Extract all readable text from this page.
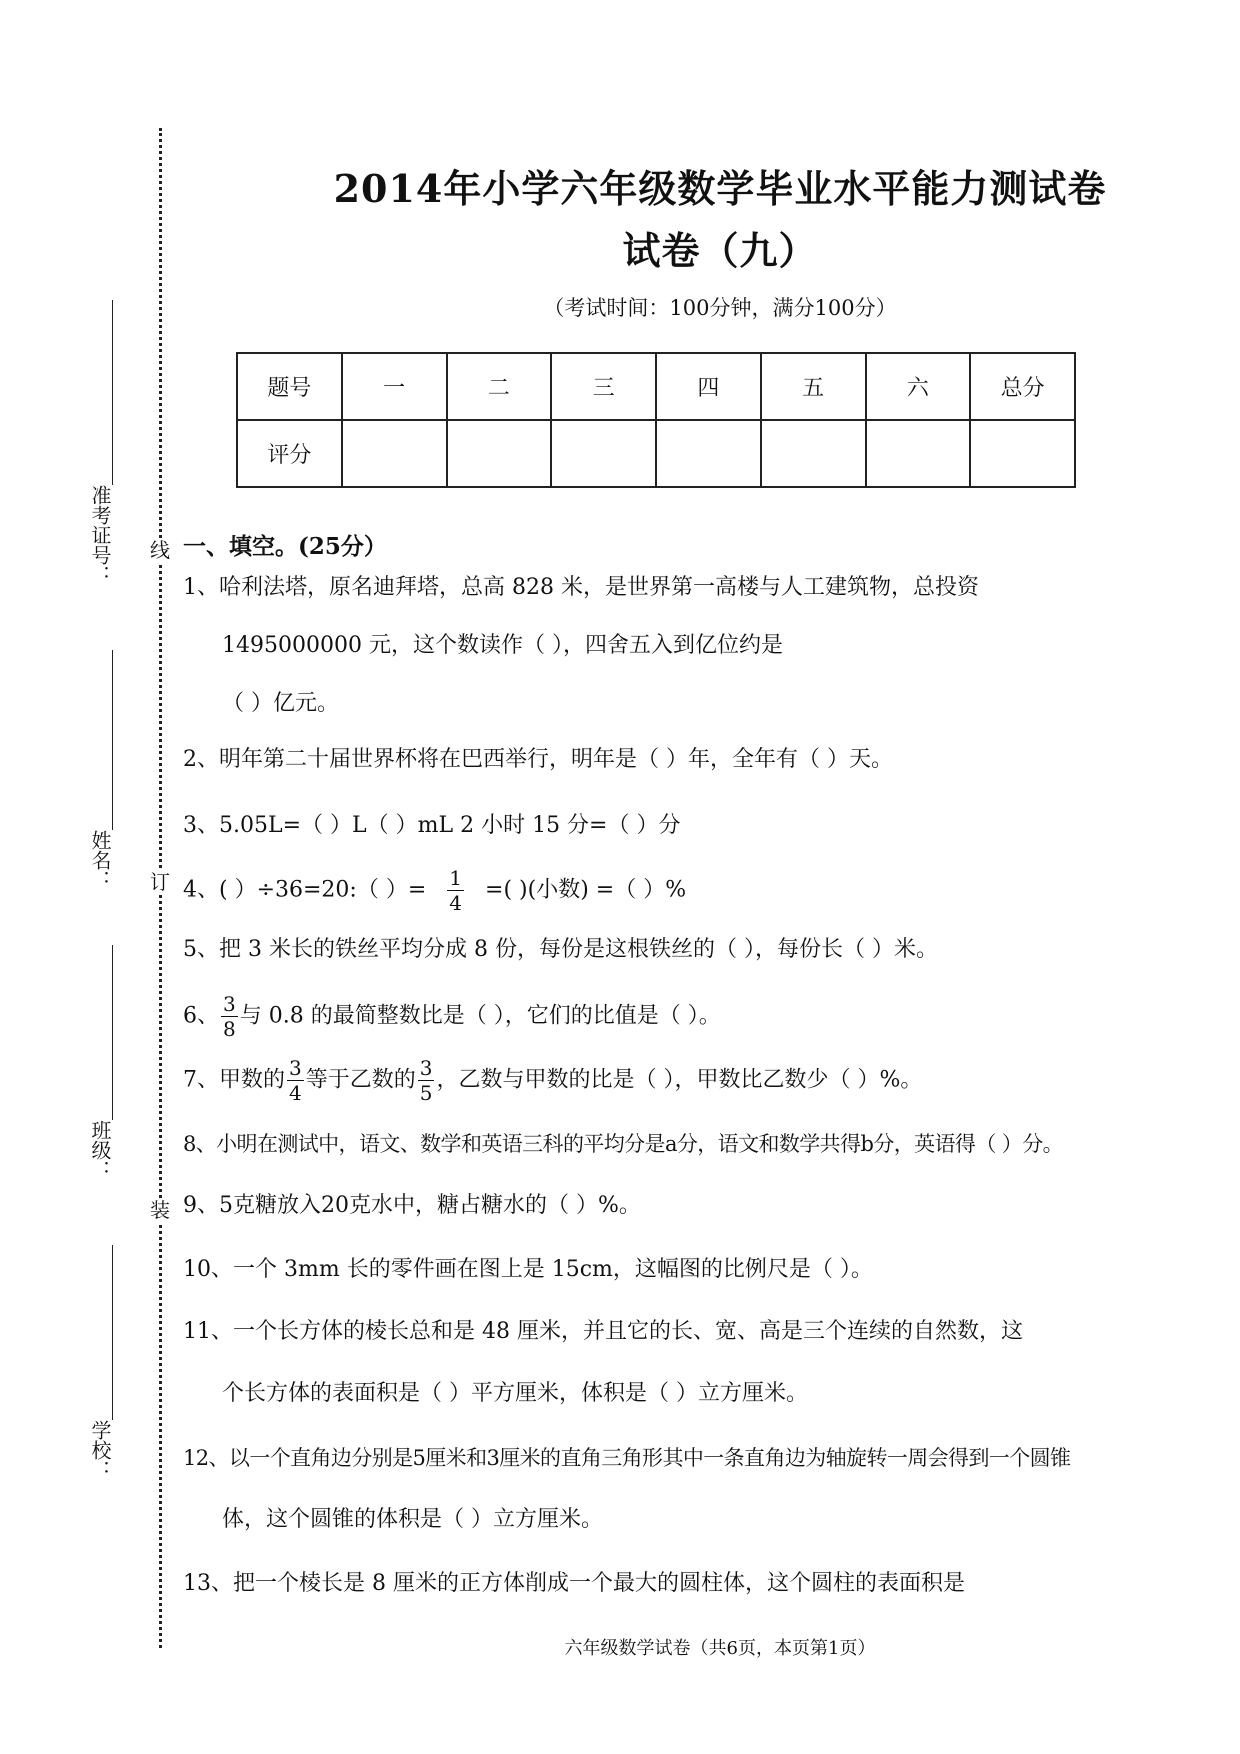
线
订
装
准考证号：
姓名：
班级：
学校：
2014年小学六年级数学毕业水平能力测试卷
试卷（九）
（考试时间：100分钟，满分100分）
题号	一	二	三	四	五	六	总分
评分							
一、填空。(25分）
1、哈利法塔，原名迪拜塔，总高 828 米，是世界第一高楼与人工建筑物，总投资
1495000000 元，这个数读作（ ），四舍五入到亿位约是
（ ）亿元。
2、明年第二十届世界杯将在巴西举行，明年是（ ）年，全年有（ ）天。
3、5.05L=（ ）L（ ）mL 2 小时 15 分=（ ）分
4、( ）÷36=20:（ ）= $\frac{1}{4}$ =( )(小数) =（ ）%
5、把 3 米长的铁丝平均分成 8 份，每份是这根铁丝的（ ），每份长（ ）米。
6、 $\frac{3}{8}$ 与 0.8 的最简整数比是（ ），它们的比值是（ ）。
7、甲数的 $\frac{3}{4}$ 等于乙数的 $\frac{3}{5}$ ，乙数与甲数的比是（ ），甲数比乙数少（ ）%。
8、小明在测试中，语文、数学和英语三科的平均分是a分，语文和数学共得b分，英语得（ ）分。
9、5克糖放入20克水中，糖占糖水的（ ）%。
10、一个 3mm 长的零件画在图上是 15cm，这幅图的比例尺是（ ）。
11、一个长方体的棱长总和是 48 厘米，并且它的长、宽、高是三个连续的自然数，这
个长方体的表面积是（ ）平方厘米，体积是（ ）立方厘米。
12、以一个直角边分别是5厘米和3厘米的直角三角形其中一条直角边为轴旋转一周会得到一个圆锥
体，这个圆锥的体积是（ ）立方厘米。
13、把一个棱长是 8 厘米的正方体削成一个最大的圆柱体，这个圆柱的表面积是
六年级数学试卷（共6页，本页第1页）
